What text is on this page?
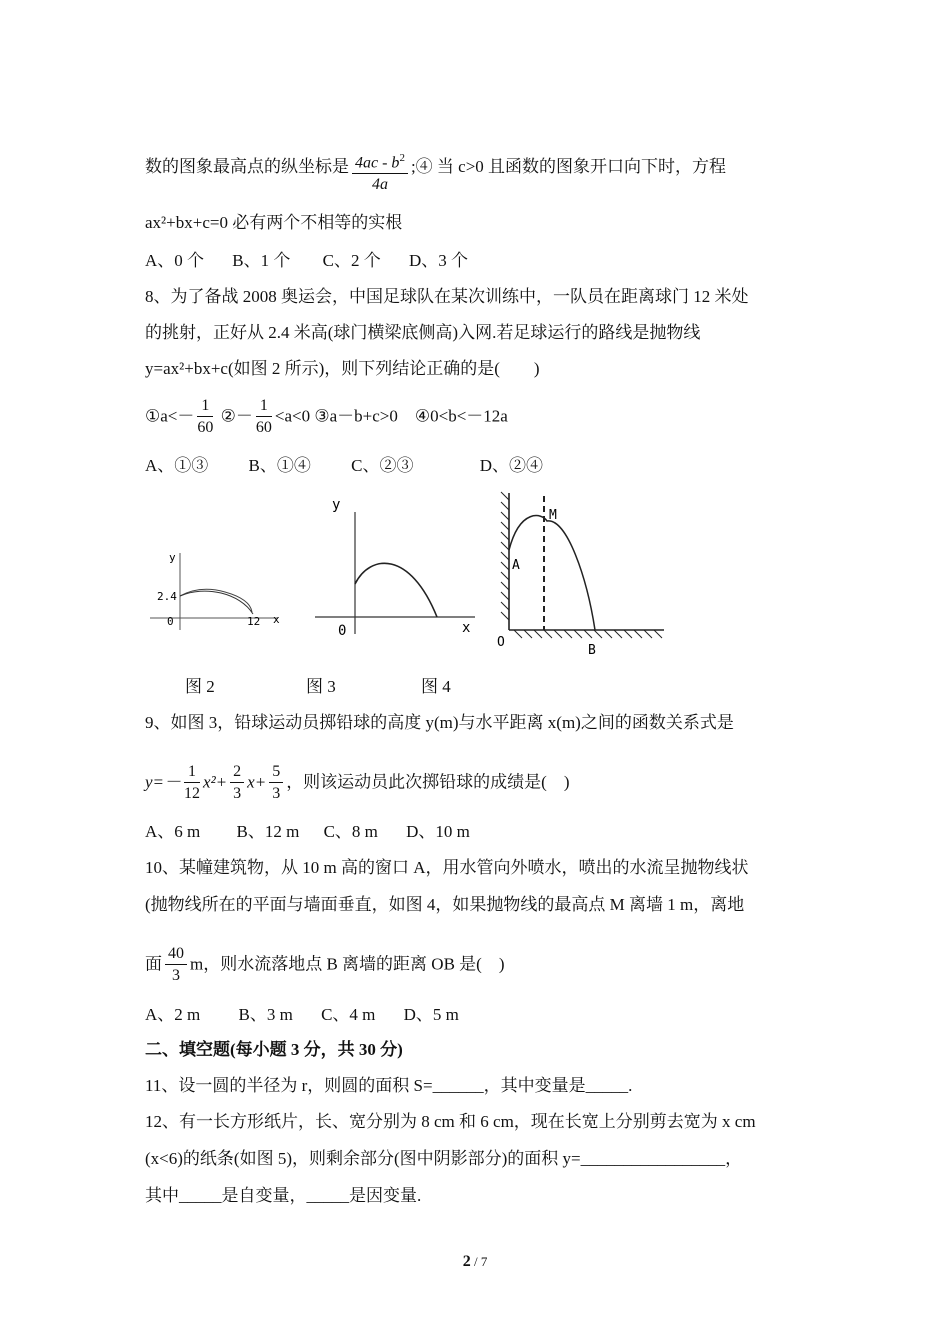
数的图象最高点的纵坐标是 $\frac{4ac - b^2}{4a}$ ;④ 当 c>0 且函数的图象开口向下时，方程
ax²+bx+c=0 必有两个不相等的实根
A、0 个 B、1 个 C、2 个 D、3 个
8、为了备战 2008 奥运会，中国足球队在某次训练中，一队员在距离球门 12 米处
的挑射，正好从 2.4 米高(球门横梁底侧高)入网.若足球运行的路线是抛物线
y=ax²+bx+c(如图 2 所示)，则下列结论正确的是(　　)
①a<－ $\frac{1}{60}$ ②－ $\frac{1}{60} <a<0$ ③a－b+c>0　④0<b<－12a
A、①③ B、①④ C、②③	D、②④
y
x
0
2.4
12
y
x
0
M
A
O
B
图 2	图 3	图 4
9、如图 3，铅球运动员掷铅球的高度 y(m)与水平距离 x(m)之间的函数关系式是
$y=- \frac{1}{12} x^2+ \frac{2}{3} x+ \frac{5}{3}$ ，则该运动员此次掷铅球的成绩是(　)
A、6 m B、12 m C、8 m D、10 m
10、某幢建筑物，从 10 m 高的窗口 A，用水管向外喷水，喷出的水流呈抛物线状
(抛物线所在的平面与墙面垂直，如图 4，如果抛物线的最高点 M 离墙 1 m，离地
面 $\frac{40}{3}$ m，则水流落地点 B 离墙的距离 OB 是(　)
A、2 m B、3 m C、4 m D、5 m
二、填空题(每小题 3 分，共 30 分)
11、设一圆的半径为 r，则圆的面积 S=______，其中变量是_____.
12、有一长方形纸片，长、宽分别为 8 cm 和 6 cm，现在长宽上分别剪去宽为 x cm
(x<6)的纸条(如图 5)，则剩余部分(图中阴影部分)的面积 y=_________________，
其中_____是自变量，_____是因变量.
2 / 7
